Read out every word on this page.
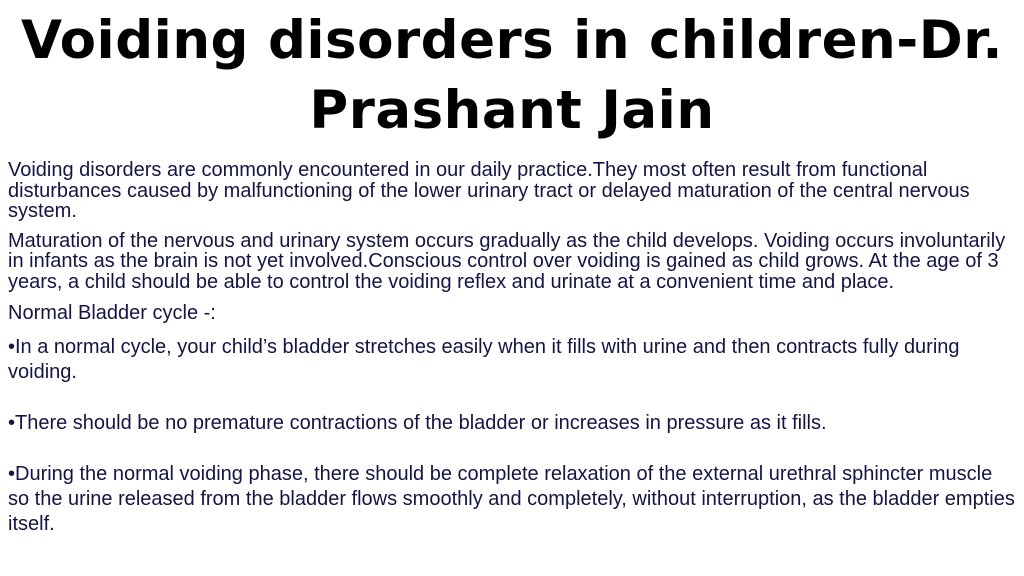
Voiding disorders in children-Dr. Prashant Jain

Voiding disorders are commonly encountered in our daily practice.They most often result from functional disturbances caused by malfunctioning of the lower urinary tract or delayed maturation of the central nervous system.

Maturation of the nervous and urinary system occurs gradually as the child develops. Voiding occurs involuntarily in infants as the brain is not yet involved.Conscious control over voiding is gained as child grows. At the age of 3 years, a child should be able to control the voiding reflex and urinate at a convenient time and place.

Normal Bladder cycle -:

•In a normal cycle, your child’s bladder stretches easily when it fills with urine and then contracts fully during voiding.
•There should be no premature contractions of the bladder or increases in pressure as it fills.
•During the normal voiding phase, there should be complete relaxation of the external urethral sphincter muscle so the urine released from the bladder flows smoothly and completely, without interruption, as the bladder empties itself.
